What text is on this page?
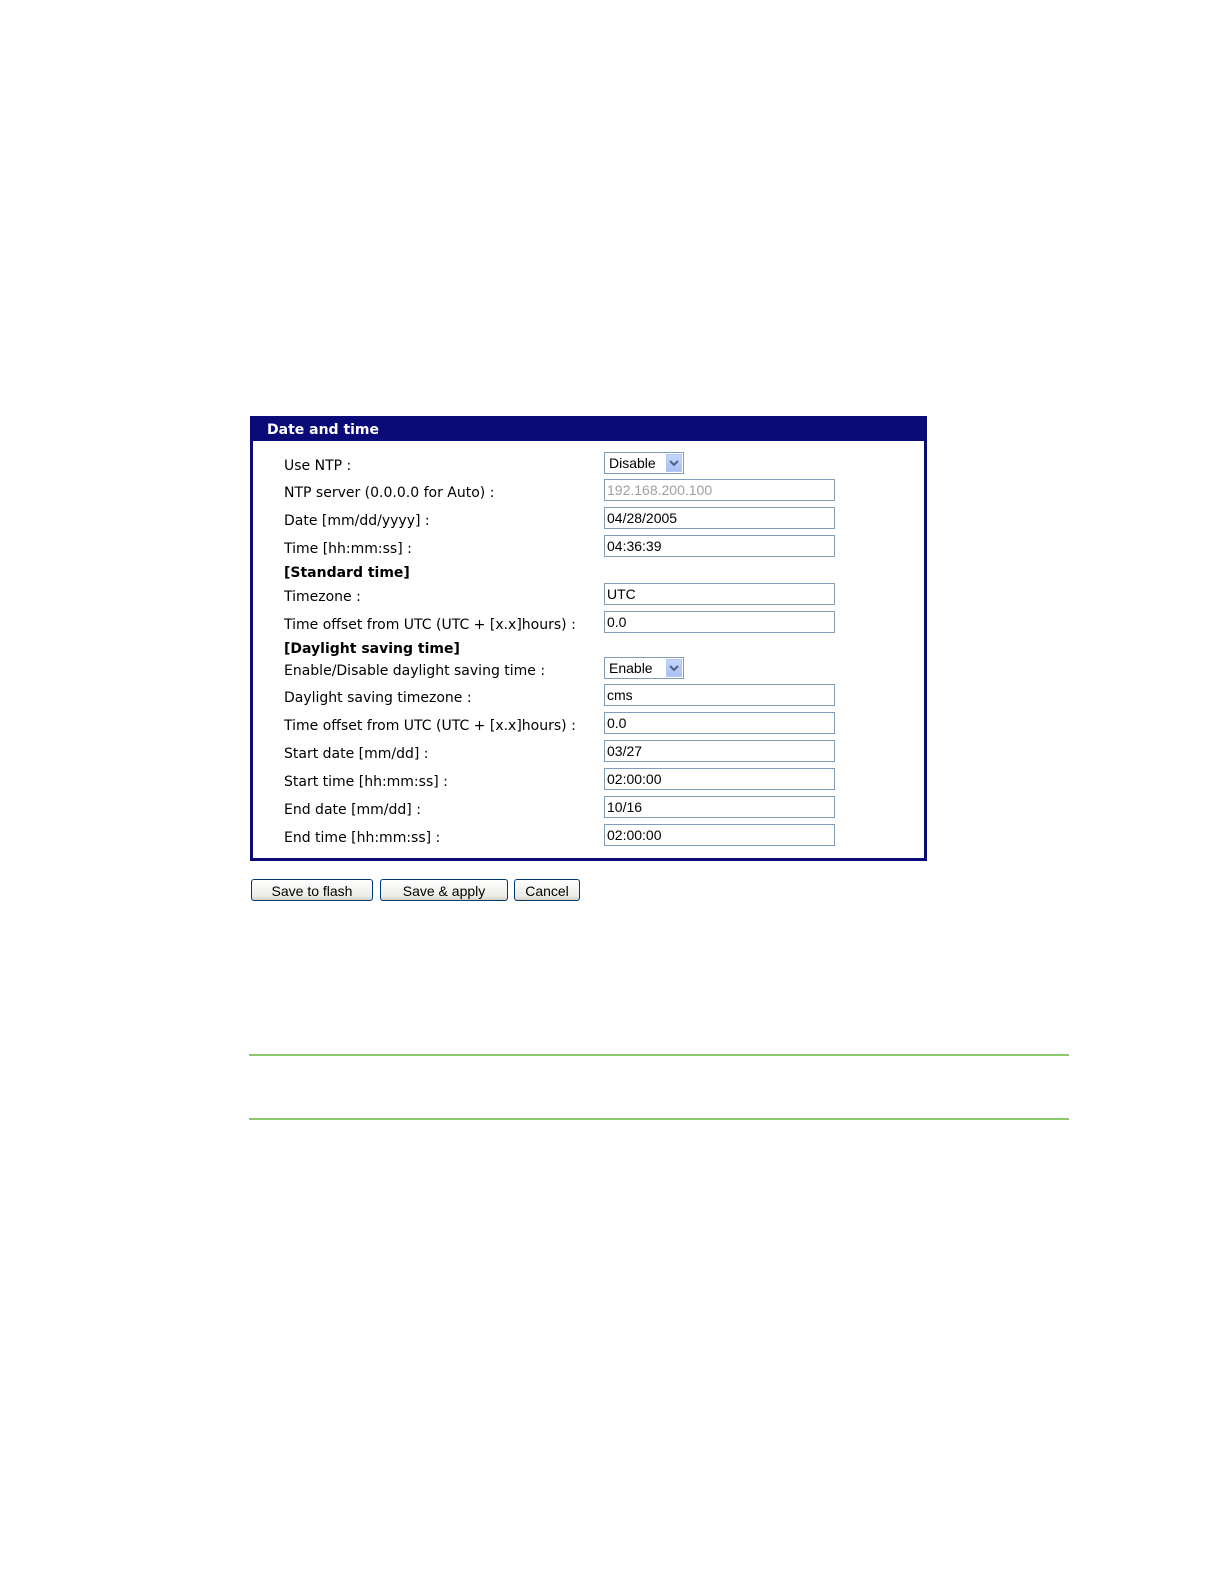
Date and time
Use NTP :	Disable
NTP server (0.0.0.0 for Auto) :	192.168.200.100
Date [mm/dd/yyyy] :	04/28/2005
Time [hh:mm:ss] :	04:36:39
[Standard time]
Timezone :	UTC
Time offset from UTC (UTC + [x.x]hours) : 0.0
[Daylight saving time]
Enable/Disable daylight saving time :	Enable
Daylight saving timezone :	cms
Time offset from UTC (UTC + [x.x]hours) : 0.0
Start date [mm/dd] :	03/27
Start time [hh:mm:ss] :	02:00:00
End date [mm/dd] :	10/16
End time [hh:mm:ss] :	02:00:00
Save to flash	Save & apply	Cancel
